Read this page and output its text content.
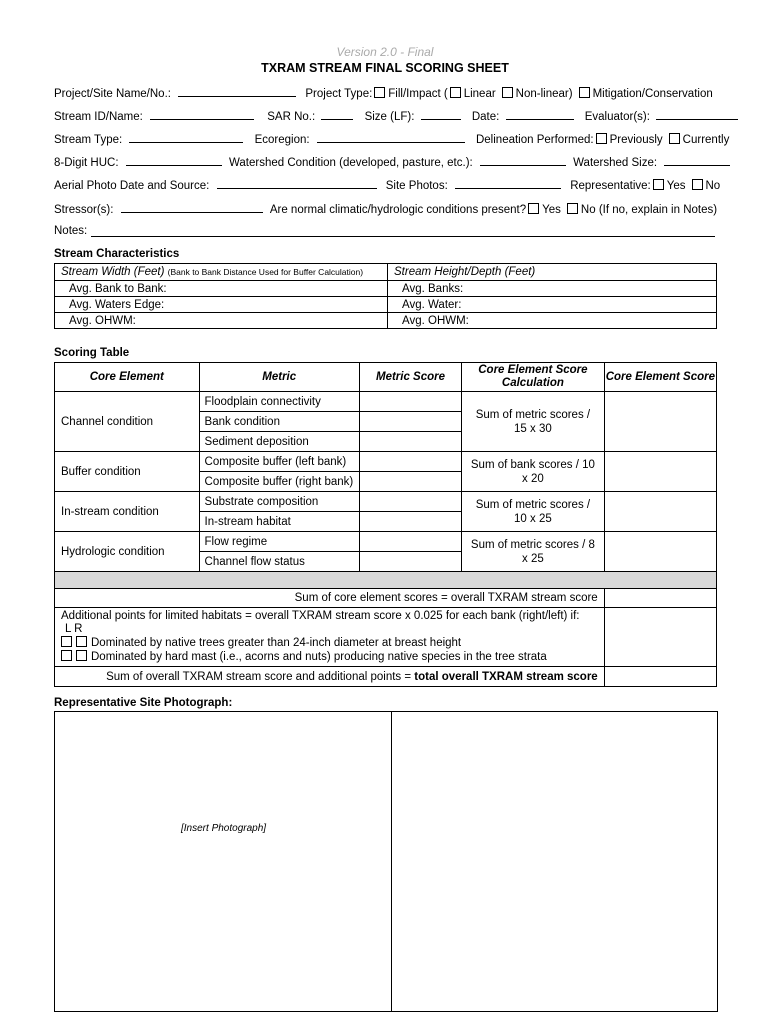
Version 2.0 - Final
TXRAM STREAM FINAL SCORING SHEET
Project/Site Name/No.:	Project Type: Fill/Impact ( Linear Non-linear) Mitigation/Conservation
Stream ID/Name:	SAR No.:	Size (LF):	Date:	Evaluator(s):
Stream Type:	Ecoregion:	Delineation Performed: Previously Currently
8-Digit HUC:	Watershed Condition (developed, pasture, etc.):	Watershed Size:
Aerial Photo Date and Source:	Site Photos:	Representative: Yes No
Stressor(s):	Are normal climatic/hydrologic conditions present? Yes No (If no, explain in Notes)
Notes:
Stream Characteristics
Stream Width (Feet) (Bank to Bank Distance Used for Buffer Calculation)	Stream Height/Depth (Feet)
Avg. Bank to Bank:	Avg. Banks:
Avg. Waters Edge:	Avg. Water:
Avg. OHWM:	Avg. OHWM:
Scoring Table
Core Element	Metric	Metric Score	Core Element Score Calculation	Core Element Score
Channel condition	Floodplain connectivity		Sum of metric scores / 15 x 30	
	Bank condition			
	Sediment deposition			
Buffer condition	Composite buffer (left bank)		Sum of bank scores / 10 x 20	
	Composite buffer (right bank)			
In-stream condition	Substrate composition		Sum of metric scores / 10 x 25	
	In-stream habitat			
Hydrologic condition	Flow regime		Sum of metric scores / 8 x 25	
	Channel flow status			

Sum of core element scores = overall TXRAM stream score				

Additional points for limited habitats = overall TXRAM stream score x 0.025 for each bank (right/left) if:
L R
Dominated by native trees greater than 24-inch diameter at breast height
Dominated by hard mast (i.e., acorns and nuts) producing native species in the tree strata				

Sum of overall TXRAM stream score and additional points = total overall TXRAM stream score				
Representative Site Photograph:
[Insert Photograph]
